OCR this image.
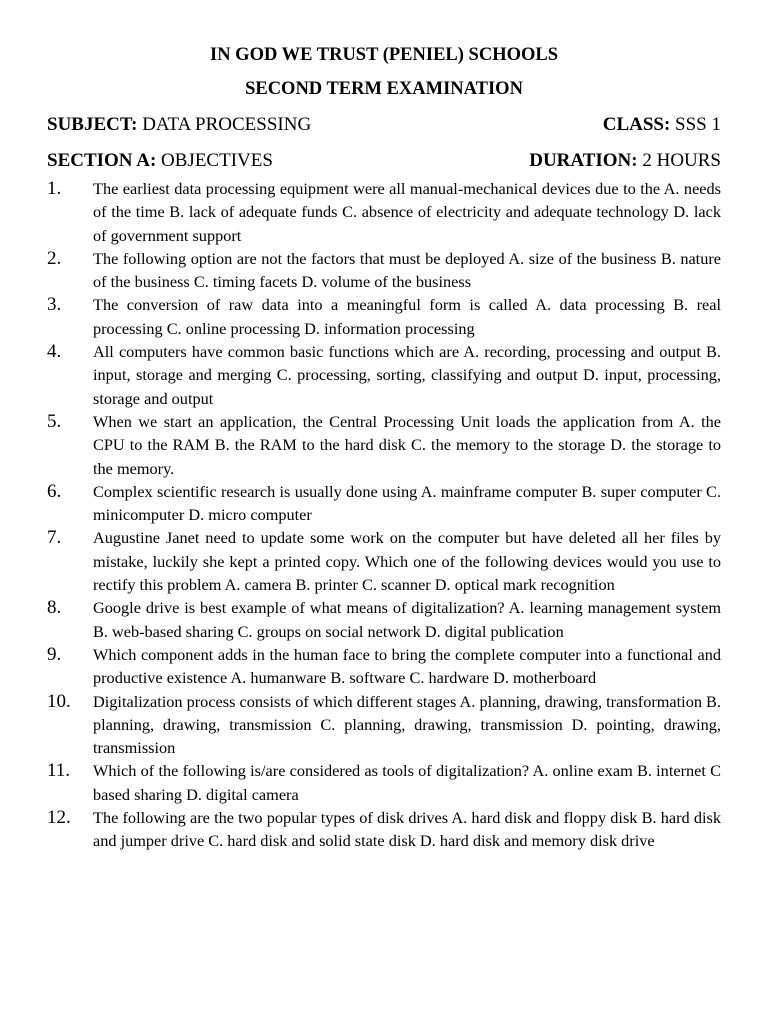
IN GOD WE TRUST (PENIEL) SCHOOLS
SECOND TERM EXAMINATION
SUBJECT: DATA PROCESSING	CLASS: SSS 1
SECTION A: OBJECTIVES	DURATION: 2 HOURS
1.	The earliest data processing equipment were all manual-mechanical devices due to the A. needs of the time B. lack of adequate funds C. absence of electricity and adequate technology D. lack of government support
2.	The following option are not the factors that must be deployed A. size of the business B. nature of the business C. timing facets D. volume of the business
3.	The conversion of raw data into a meaningful form is called A. data processing B. real processing C. online processing D. information processing
4.	All computers have common basic functions which are A. recording, processing and output B. input, storage and merging C. processing, sorting, classifying and output D. input, processing, storage and output
5.	When we start an application, the Central Processing Unit loads the application from A. the CPU to the RAM B. the RAM to the hard disk C. the memory to the storage D. the storage to the memory.
6.	Complex scientific research is usually done using A. mainframe computer B. super computer C. minicomputer D. micro computer
7.	Augustine Janet need to update some work on the computer but have deleted all her files by mistake, luckily she kept a printed copy. Which one of the following devices would you use to rectify this problem A. camera B. printer C. scanner D. optical mark recognition
8.	Google drive is best example of what means of digitalization? A. learning management system B. web-based sharing C. groups on social network D. digital publication
9.	Which component adds in the human face to bring the complete computer into a functional and productive existence A. humanware B. software C. hardware D. motherboard
10.	Digitalization process consists of which different stages A. planning, drawing, transformation B. planning, drawing, transmission C. planning, drawing, transmission D. pointing, drawing, transmission
11.	Which of the following is/are considered as tools of digitalization? A. online exam B. internet C based sharing D. digital camera
12.	The following are the two popular types of disk drives A. hard disk and floppy disk B. hard disk and jumper drive C. hard disk and solid state disk D. hard disk and memory disk drive
